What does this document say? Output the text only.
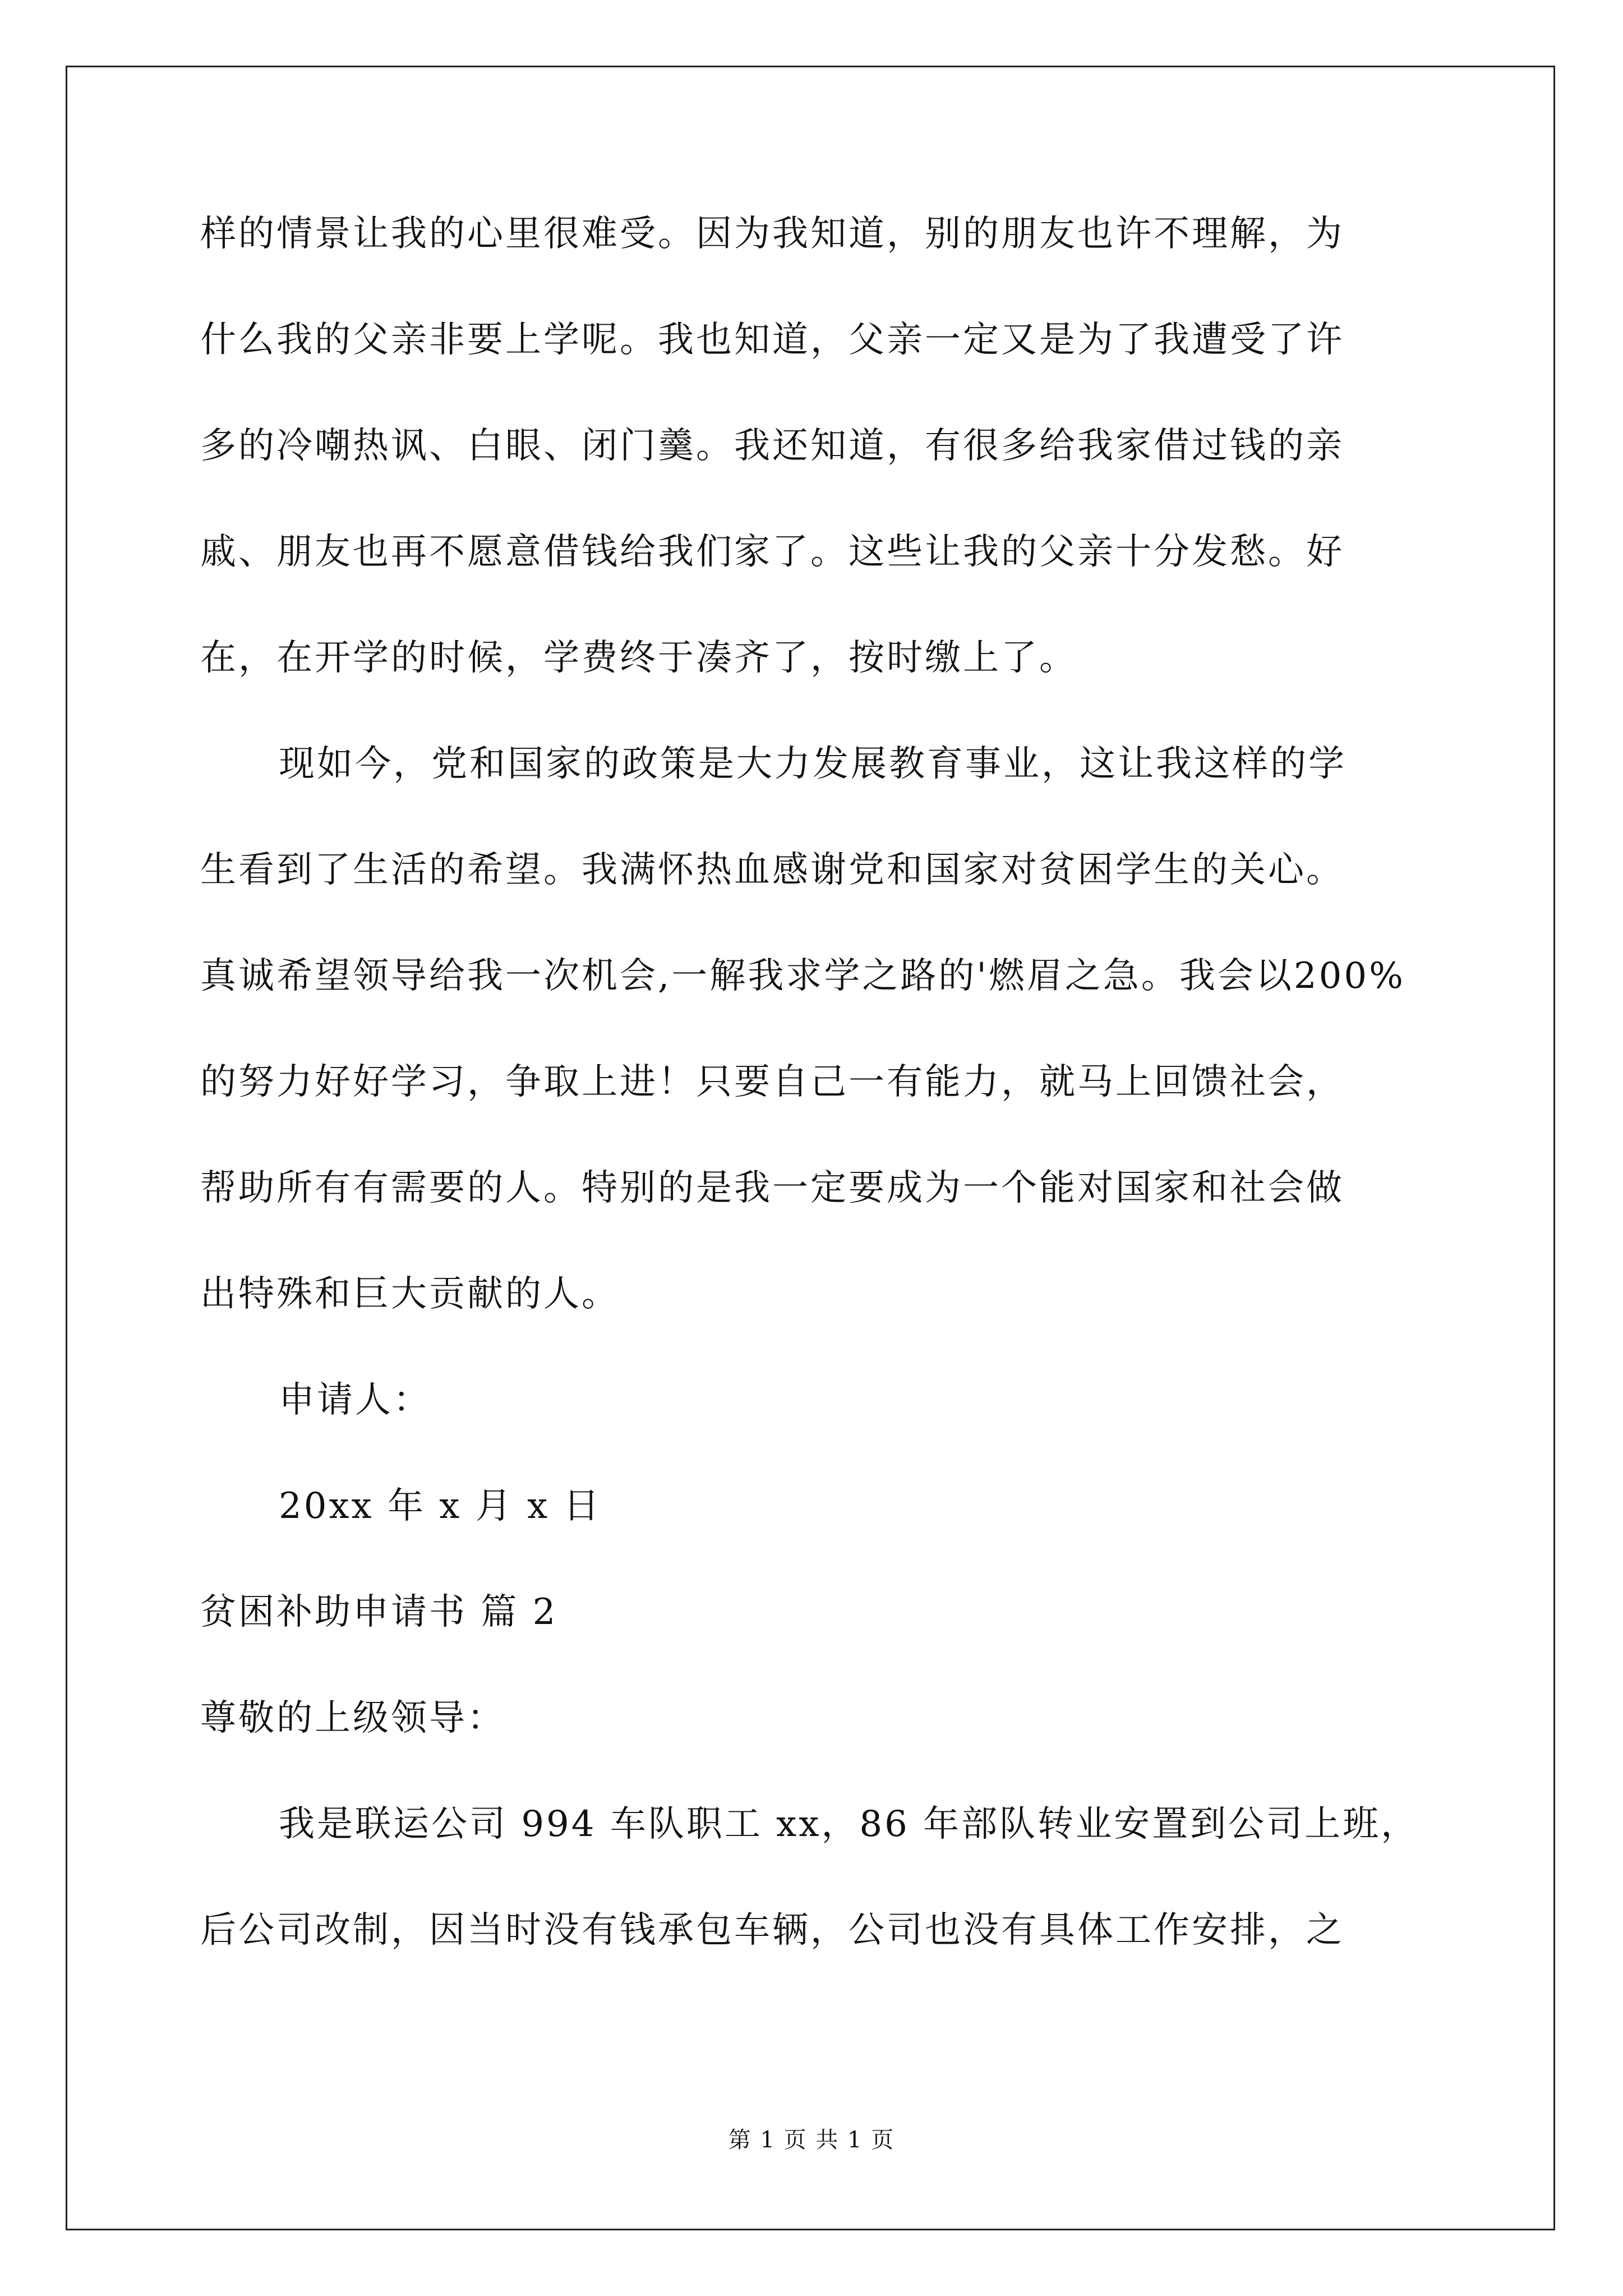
样的情景让我的心里很难受。因为我知道，别的朋友也许不理解，为
什么我的父亲非要上学呢。我也知道，父亲一定又是为了我遭受了许
多的冷嘲热讽、白眼、闭门羹。我还知道，有很多给我家借过钱的亲
戚、朋友也再不愿意借钱给我们家了。这些让我的父亲十分发愁。好
在，在开学的时候，学费终于凑齐了，按时缴上了。
现如今，党和国家的政策是大力发展教育事业，这让我这样的学
生看到了生活的希望。我满怀热血感谢党和国家对贫困学生的关心。
真诚希望领导给我一次机会,一解我求学之路的'燃眉之急。我会以200%
的努力好好学习，争取上进！只要自己一有能力，就马上回馈社会，
帮助所有有需要的人。特别的是我一定要成为一个能对国家和社会做
出特殊和巨大贡献的人。
申请人：
20xx 年 x 月 x 日
贫困补助申请书 篇 2
尊敬的上级领导：
我是联运公司 994 车队职工 xx，86 年部队转业安置到公司上班，
后公司改制，因当时没有钱承包车辆，公司也没有具体工作安排，之
第 1 页 共 1 页
